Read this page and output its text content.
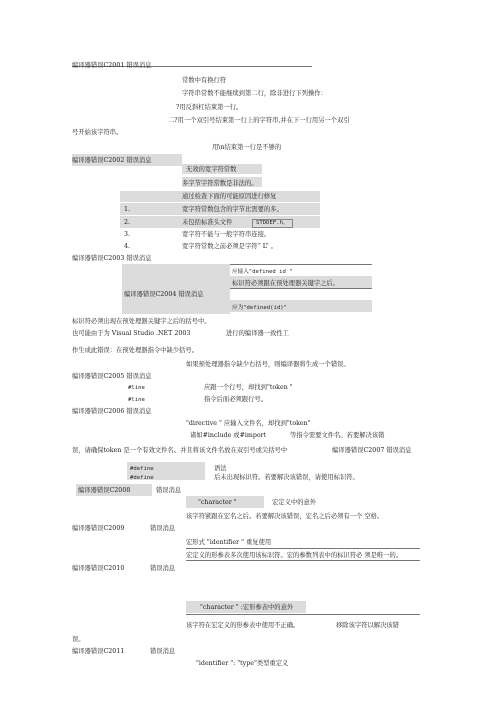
编译器错误C2001 错误消息
常数中有换行符
字符串常数不能继续到第二行，除非进行下列操作：
?用反斜杠结束第一行。
二?用一个双引号结束第一行上的字符串,并在下一行用另一个双引
号开始该字符串。
用\n结束第一行是不够的
编译器错误C2002 错误消息
无效的宽字符常数
多字节字符常数是非法的。
通过检查下面的可能原因进行修复
1.	宽字符常数包含的字节比需要的多。
2.	未包括标准头文件	STDDEF.h。
3.	宽字符不能与一般字符串连接。
4.	宽字符常数之前必须是字符“ L” 。
编译器错误C2003 错误消息
应输入"defined id "
标识符必须跟在预处理器关键字之后。
编译器错误C2004 错误消息
应为"defined(id)"
标识符必须出现在预处理器关键字之后的括号中。
也可能由于为 Visual Studio .NET 2003	进行的编译器一致性工
作生成此错误：在预处理器指令中缺少括号。
如果预处理器指令缺少右括号，则编译器将生成一个错误。
编译器错误C2005 错误消息
#line	应跟一个行号，却找到"token "
#line	指令后面必须跟行号。
编译器错误C2006 错误消息
"directive " 应输入文件名，却找到"token"
诸如#include 或#import	等指令需要文件名。若要解决该错
误，请确保token 是一个有效文件名。并且将该文件名放在双引号或尖括号中	编译器错误C2007 错误消息
#define	语法
#define	后未出现标识符。若要解决该错误，请使用标识符。
编译器错误C2008	错误消息
"character "	宏定义中的意外
该字符紧跟在宏名之后。若要解决该错误，宏名之后必须有一个 空格。
编译器错误C2009	错误消息
宏形式 "identifier " 重复使用
宏定义的形参表多次使用该标识符。宏的参数列表中的标识符必 须是唯一的。
编译器错误C2010	错误消息
"character " :宏形参表中的意外
该字符在宏定义的形参表中使用不正确。	移除该字符以解决该错
误。
编译器错误C2011	错误消息
"identifier ": "type"类型重定义
